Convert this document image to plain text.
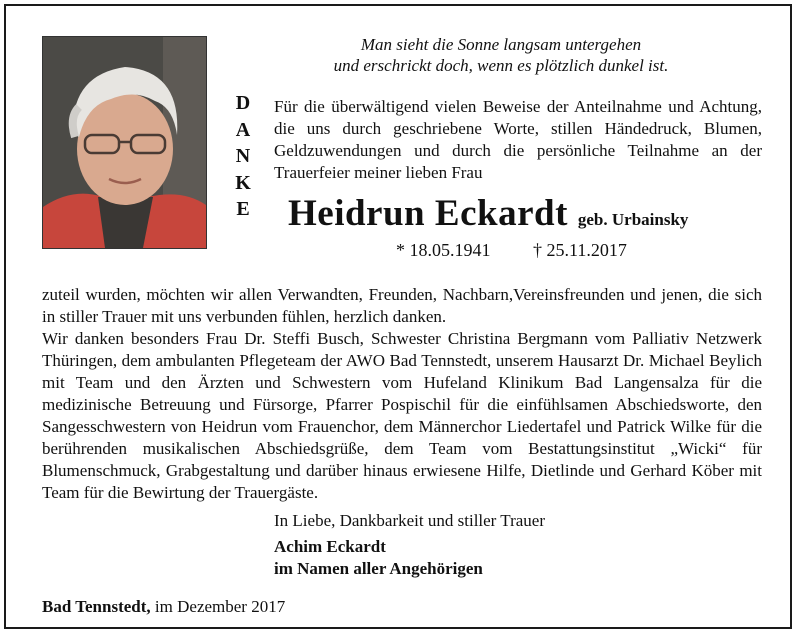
Man sieht die Sonne langsam untergehen
und erschrickt doch, wenn es plötzlich dunkel ist.
D
A
N
K
E
Für die überwältigend vielen Beweise der Anteilnahme und Achtung, die uns durch geschriebene Worte, stillen Händedruck, Blumen, Geldzuwendungen und durch die persönliche Teilnahme an der Trauerfeier meiner lieben Frau
Heidrun Eckardt geb. Urbainsky
* 18.05.1941 † 25.11.2017

zuteil wurden, möchten wir allen Verwandten, Freunden, Nachbarn,Vereinsfreunden und jenen, die sich in stiller Trauer mit uns verbunden fühlen, herzlich danken.

Wir danken besonders Frau Dr. Steffi Busch, Schwester Christina Bergmann vom Palliativ Netzwerk Thüringen, dem ambulanten Pflegeteam der AWO Bad Tennstedt, unserem Hausarzt Dr. Michael Beylich mit Team und den Ärzten und Schwestern vom Hufeland Klinikum Bad Langensalza für die medizinische Betreuung und Fürsorge, Pfarrer Pospischil für die einfühlsamen Abschiedsworte, den Sangesschwestern von Heidrun vom Frauenchor, dem Männerchor Liedertafel und Patrick Wilke für die berührenden musikalischen Abschiedsgrüße, dem Team vom Bestattungsinstitut „Wicki“ für Blumenschmuck, Grabgestaltung und darüber hinaus erwiesene Hilfe, Dietlinde und Gerhard Köber mit Team für die Bewirtung der Trauergäste.

In Liebe, Dankbarkeit und stiller Trauer
Achim Eckardt
im Namen aller Angehörigen
Bad Tennstedt, im Dezember 2017
